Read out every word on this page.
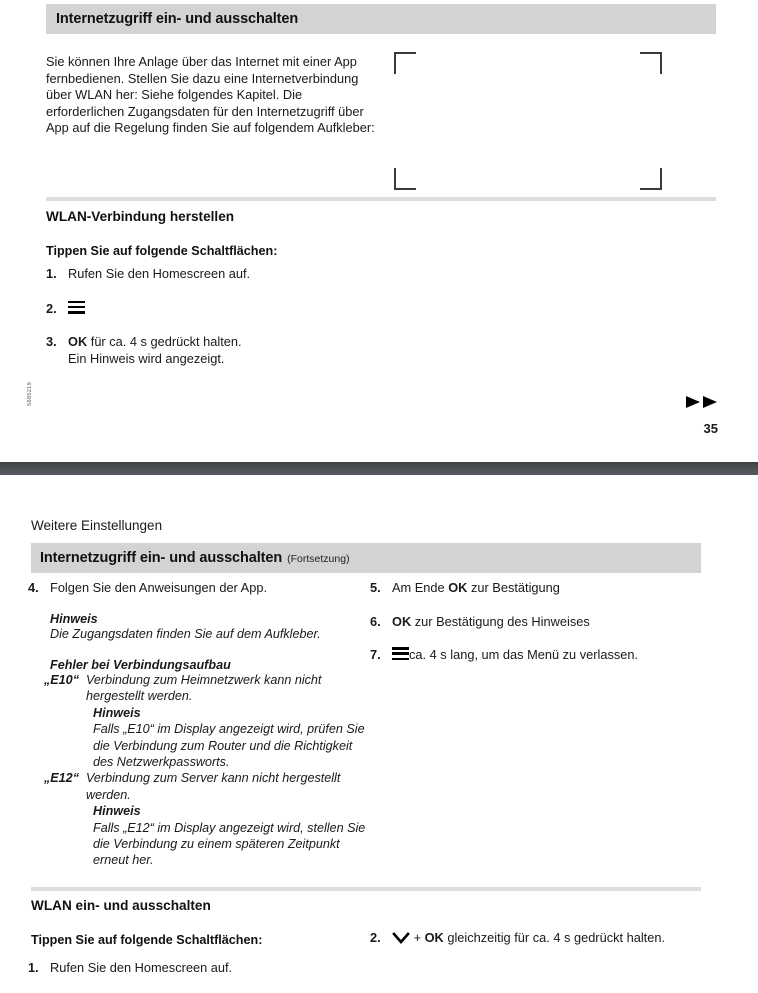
Internetzugriff ein- und ausschalten
Sie können Ihre Anlage über das Internet mit einer App fernbedienen. Stellen Sie dazu eine Internetverbindung über WLAN her: Siehe folgendes Kapitel. Die erforderlichen Zugangsdaten für den Internetzugriff über App auf die Regelung finden Sie auf folgendem Aufkleber:
WLAN-Verbindung herstellen
Tippen Sie auf folgende Schaltflächen:
1. Rufen Sie den Homescreen auf.
2.
3. OK für ca. 4 s gedrückt halten.
Ein Hinweis wird angezeigt.
5685219
35
Weitere Einstellungen
Internetzugriff ein- und ausschalten (Fortsetzung)
4. Folgen Sie den Anweisungen der App.
Hinweis
Die Zugangsdaten finden Sie auf dem Aufkleber.
Fehler bei Verbindungsaufbau
„E10“ Verbindung zum Heimnetzwerk kann nicht hergestellt werden.
Hinweis
Falls „E10“ im Display angezeigt wird, prüfen Sie die Verbindung zum Router und die Richtigkeit des Netzwerkpassworts.
„E12“ Verbindung zum Server kann nicht hergestellt werden.
Hinweis
Falls „E12“ im Display angezeigt wird, stellen Sie die Verbindung zu einem späteren Zeitpunkt erneut her.
5. Am Ende OK zur Bestätigung
6. OK zur Bestätigung des Hinweises
7.	ca. 4 s lang, um das Menü zu verlassen.
WLAN ein- und ausschalten
Tippen Sie auf folgende Schaltflächen:
1. Rufen Sie den Homescreen auf.
2.	+ OK gleichzeitig für ca. 4 s gedrückt halten.
